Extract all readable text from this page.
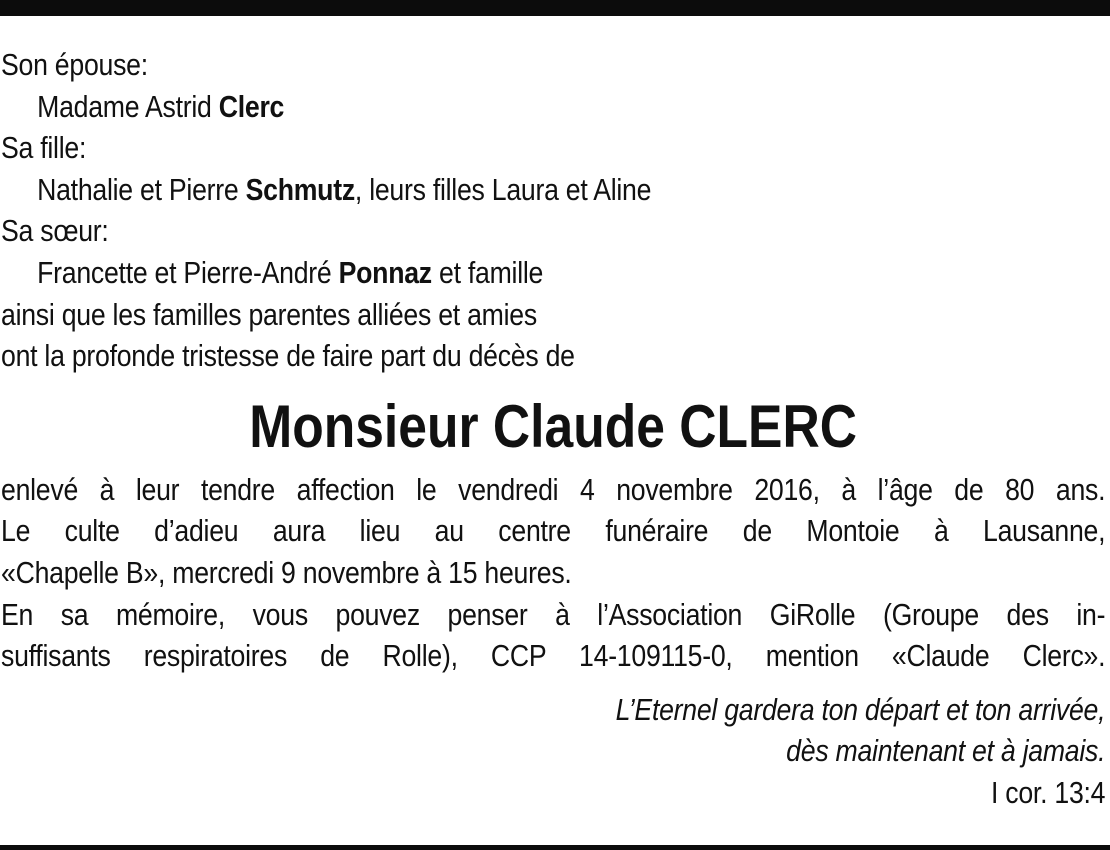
Son épouse:
Madame Astrid Clerc
Sa fille:
Nathalie et Pierre Schmutz, leurs filles Laura et Aline
Sa sœur:
Francette et Pierre-André Ponnaz et famille
ainsi que les familles parentes alliées et amies
ont la profonde tristesse de faire part du décès de
Monsieur Claude CLERC
enlevé à leur tendre affection le vendredi 4 novembre 2016, à l’âge de 80 ans.
Le culte d’adieu aura lieu au centre funéraire de Montoie à Lausanne,
«Chapelle B», mercredi 9 novembre à 15 heures.
En sa mémoire, vous pouvez penser à l’Association GiRolle (Groupe des in-
suffisants respiratoires de Rolle), CCP 14-109115-0, mention «Claude Clerc».
L’Eternel gardera ton départ et ton arrivée,
dès maintenant et à jamais.
I cor. 13:4
